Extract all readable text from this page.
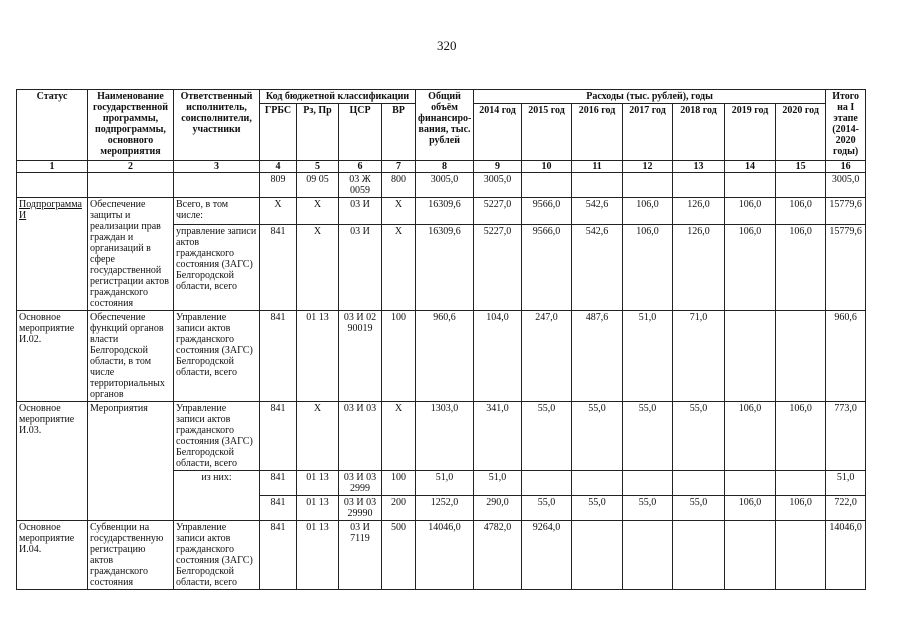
320
Статус	Наименование государственной программы, подпрограммы, основного мероприятия	Ответственный исполнитель, соисполнители, участники	Код бюджетной классификации				Общий объём финансиро-вания, тыс. рублей	Расходы (тыс. рублей), годы							Итого на I этапе (2014-2020 годы)
			ГРБС	Рз, Пр	ЦСР	ВР		2014 год	2015 год	2016 год	2017 год	2018 год	2019 год	2020 год	
1	2	3	4	5	6	7	8	9	10	11	12	13	14	15	16
			809	09 05	03 Ж 0059	800	3005,0	3005,0							3005,0
Подпрограмма И	Обеспечение защиты и реализации прав граждан и организаций в сфере государственной регистрации актов гражданского состояния	Всего, в том числе:	Х	Х	03 И	Х	16309,6	5227,0	9566,0	542,6	106,0	126,0	106,0	106,0	15779,6
		управление записи актов гражданского состояния (ЗАГС) Белгородской области, всего	841	Х	03 И	Х	16309,6	5227,0	9566,0	542,6	106,0	126,0	106,0	106,0	15779,6
Основное мероприятие И.02.	Обеспечение функций органов власти Белгородской области, в том числе территориальных органов	Управление записи актов гражданского состояния (ЗАГС) Белгородской области, всего	841	01 13	03 И 02 90019	100	960,6	104,0	247,0	487,6	51,0	71,0			960,6
Основное мероприятие И.03.	Мероприятия	Управление записи актов гражданского состояния (ЗАГС) Белгородской области, всего	841	Х	03 И 03	Х	1303,0	341,0	55,0	55,0	55,0	55,0	106,0	106,0	773,0
		из них:	841	01 13	03 И 03 2999	100	51,0	51,0							51,0
			841	01 13	03 И 03 29990	200	1252,0	290,0	55,0	55,0	55,0	55,0	106,0	106,0	722,0
Основное мероприятие И.04.	Субвенции на государственную регистрацию актов гражданского состояния	Управление записи актов гражданского состояния (ЗАГС) Белгородской области, всего	841	01 13	03 И 7119	500	14046,0	4782,0	9264,0						14046,0
